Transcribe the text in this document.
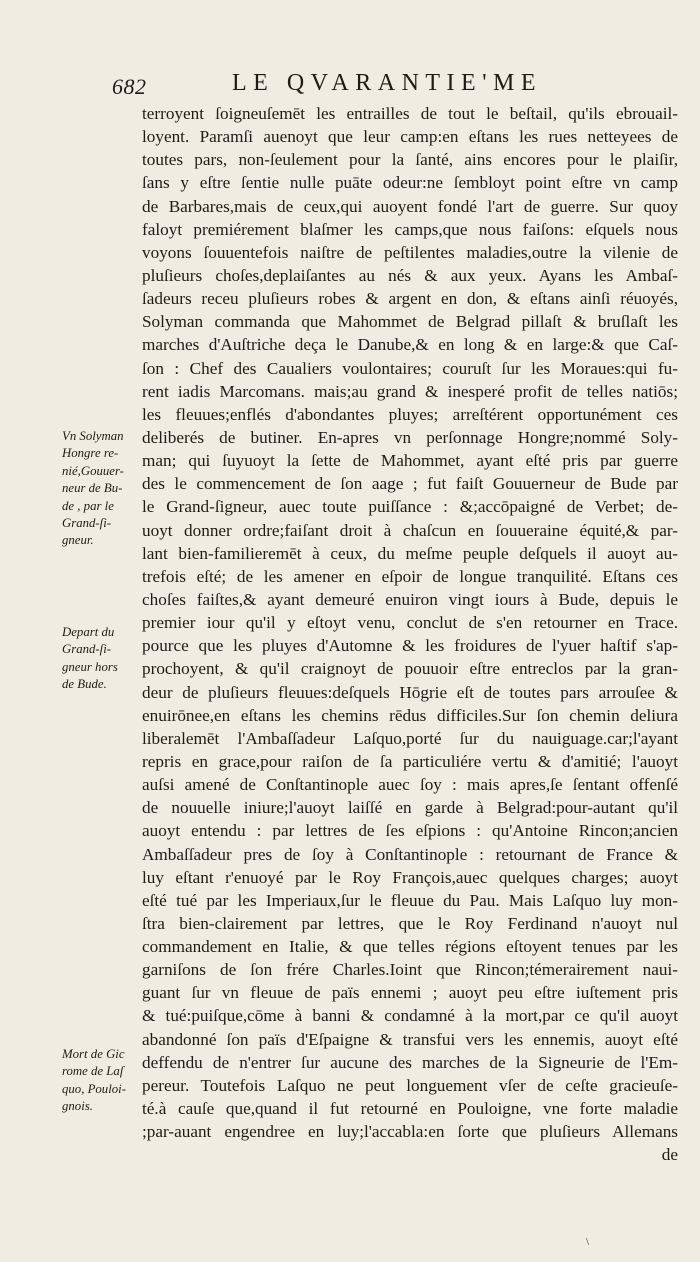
682	LE QVARANTIE'ME
terroyent ſoigneuſemēt les entrailles de tout le beſtail, qu'ils ebrouail-
loyent. Paramſi auenoyt que leur camp:en eſtans les rues netteyees de
toutes pars, non-ſeulement pour la ſanté, ains encores pour le plaiſir,
ſans y eſtre ſentie nulle puāte odeur:ne ſembloyt point eſtre vn camp
de Barbares,mais de ceux,qui auoyent fondé l'art de guerre. Sur quoy
faloyt premiérement blaſmer les camps,que nous faiſons: eſquels nous
voyons ſouuentefois naiſtre de peſtilentes maladies,outre la vilenie de
pluſieurs choſes,deplaiſantes au nés & aux yeux. Ayans les Ambaſ-
ſadeurs receu pluſieurs robes & argent en don, & eſtans ainſi réuoyés,
Solyman commanda que Mahommet de Belgrad pillaſt & bruſlaſt les
marches d'Auſtriche deça le Danube,& en long & en large:& que Caſ-
ſon : Chef des Caualiers voulontaires; couruſt ſur les Moraues:qui fu-
rent iadis Marcomans. mais;au grand & inesperé profit de telles natiōs;
les fleuues;enflés d'abondantes pluyes; arreſtérent opportunément ces
deliberés de butiner. En-apres vn perſonnage Hongre;nommé Soly-
man; qui ſuyuoyt la ſette de Mahommet, ayant eſté pris par guerre
des le commencement de ſon aage ; fut faiſt Gouuerneur de Bude par
le Grand-ſigneur, auec toute puiſſance : &;accōpaigné de Verbet; de-
uoyt donner ordre;faiſant droit à chaſcun en ſouueraine équité,& par-
lant bien-familieremēt à ceux, du meſme peuple deſquels il auoyt au-
trefois eſté; de les amener en eſpoir de longue tranquilité. Eſtans ces
choſes faiſtes,& ayant demeuré enuiron vingt iours à Bude, depuis le
premier iour qu'il y eſtoyt venu, conclut de s'en retourner en Trace.
pource que les pluyes d'Automne & les froidures de l'yuer haſtif s'ap-
prochoyent, & qu'il craignoyt de pouuoir eſtre entreclos par la gran-
deur de pluſieurs fleuues:deſquels Hōgrie eſt de toutes pars arrouſee &
enuirōnee,en eſtans les chemins rēdus difficiles.Sur ſon chemin deliura
liberalemēt l'Ambaſſadeur Laſquo,porté ſur du nauiguage.car;l'ayant
repris en grace,pour raiſon de ſa particuliére vertu & d'amitié; l'auoyt
auſsi amené de Conſtantinople auec ſoy : mais apres,ſe ſentant offenſé
de nouuelle iniure;l'auoyt laiſſé en garde à Belgrad:pour-autant qu'il
auoyt entendu : par lettres de ſes eſpions : qu'Antoine Rincon;ancien
Ambaſſadeur pres de ſoy à Conſtantinople : retournant de France &
luy eſtant r'enuoyé par le Roy François,auec quelques charges; auoyt
eſté tué par les Imperiaux,ſur le fleuue du Pau. Mais Laſquo luy mon-
ſtra bien-clairement par lettres, que le Roy Ferdinand n'auoyt nul
commandement en Italie, & que telles régions eſtoyent tenues par les
garniſons de ſon frére Charles.Ioint que Rincon;témerairement naui-
guant ſur vn fleuue de païs ennemi ; auoyt peu eſtre iuſtement pris
& tué:puiſque,cōme à banni & condamné à la mort,par ce qu'il auoyt
abandonné ſon païs d'Eſpaigne & transfui vers les ennemis, auoyt eſté
deffendu de n'entrer ſur aucune des marches de la Signeurie de l'Em-
pereur. Toutefois Laſquo ne peut longuement vſer de ceſte gracieuſe-
té.à cauſe que,quand il fut retourné en Pouloigne, vne forte maladie
;par-auant engendree en luy;l'accabla:en ſorte que pluſieurs Allemans
de
Vn Solyman
Hongre re-
nié,Gouuer-
neur de Bu-
de , par le
Grand-ſi-
gneur.
Depart du
Grand-ſi-
gneur hors
de Bude.
Mort de Gic
rome de Laſ
quo, Pouloi-
gnois.
\
